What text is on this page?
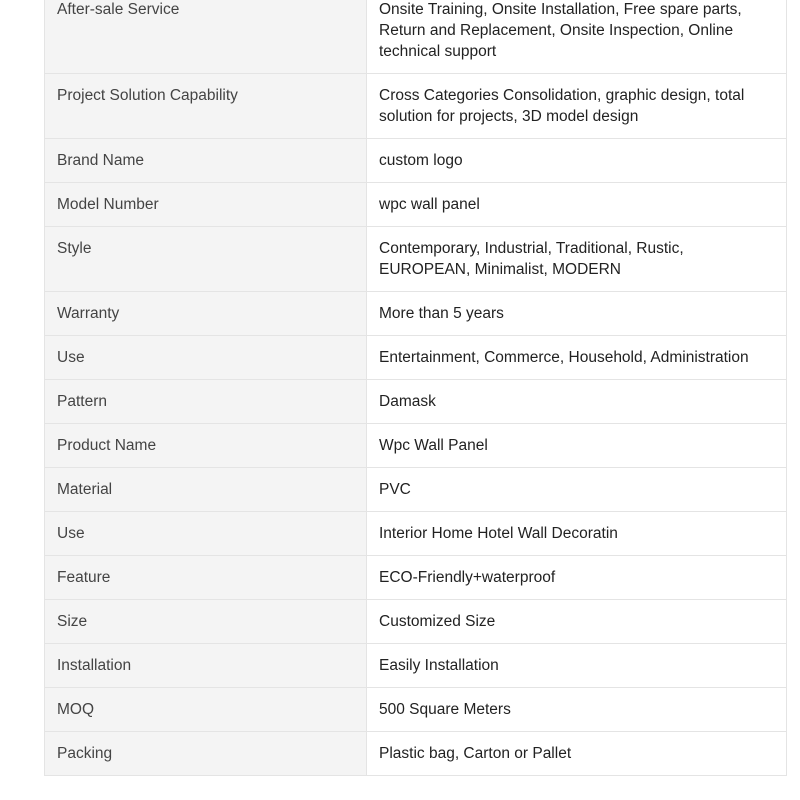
After-sale Service	Onsite Training, Onsite Installation, Free spare parts, Return and Replacement, Onsite Inspection, Online technical support
Project Solution Capability	Cross Categories Consolidation, graphic design, total solution for projects, 3D model design
Brand Name	custom logo
Model Number	wpc wall panel
Style	Contemporary, Industrial, Traditional, Rustic, EUROPEAN, Minimalist, MODERN
Warranty	More than 5 years
Use	Entertainment, Commerce, Household, Administration
Pattern	Damask
Product Name	Wpc Wall Panel
Material	PVC
Use	Interior Home Hotel Wall Decoratin
Feature	ECO-Friendly+waterproof
Size	Customized Size
Installation	Easily Installation
MOQ	500 Square Meters
Packing	Plastic bag, Carton or Pallet
